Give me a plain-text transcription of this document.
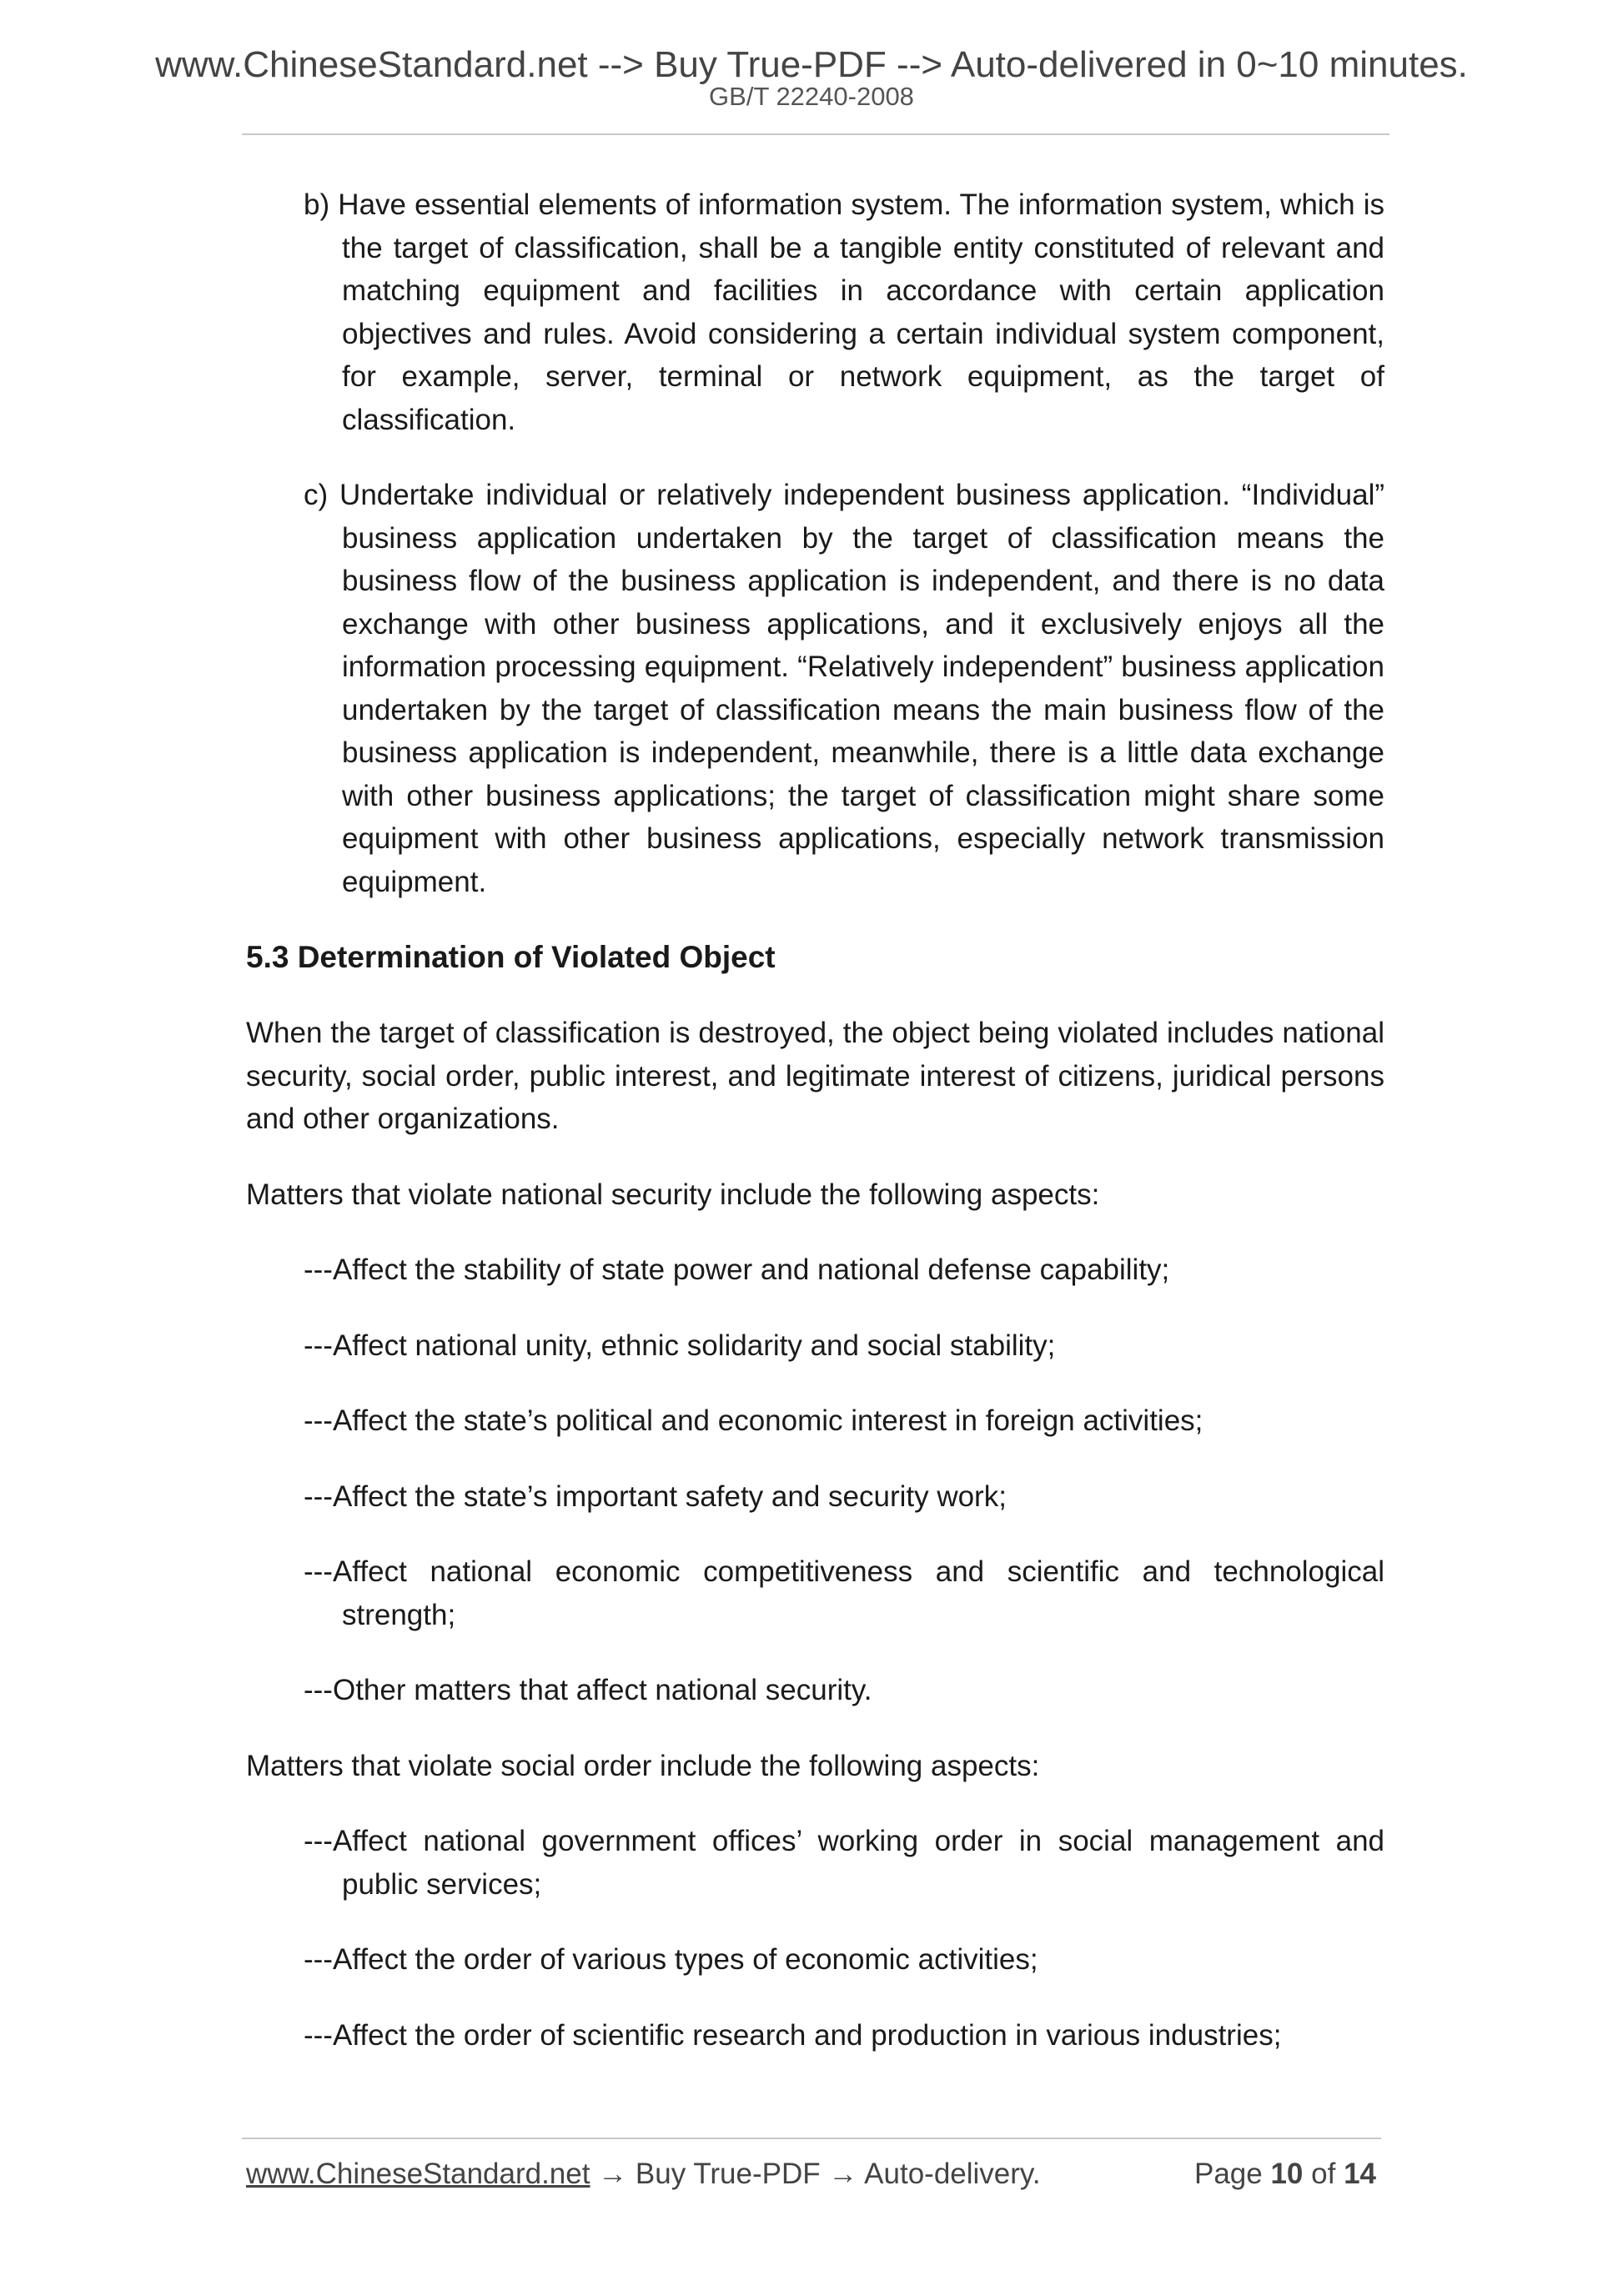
www.ChineseStandard.net --> Buy True-PDF --> Auto-delivered in 0~10 minutes.
GB/T 22240-2008

b) Have essential elements of information system. The information system, which is the target of classification, shall be a tangible entity constituted of relevant and matching equipment and facilities in accordance with certain application objectives and rules. Avoid considering a certain individual system component, for example, server, terminal or network equipment, as the target of classification.

c) Undertake individual or relatively independent business application. “Individual” business application undertaken by the target of classification means the business flow of the business application is independent, and there is no data exchange with other business applications, and it exclusively enjoys all the information processing equipment. “Relatively independent” business application undertaken by the target of classification means the main business flow of the business application is independent, meanwhile, there is a little data exchange with other business applications; the target of classification might share some equipment with other business applications, especially network transmission equipment.

5.3 Determination of Violated Object

When the target of classification is destroyed, the object being violated includes national security, social order, public interest, and legitimate interest of citizens, juridical persons and other organizations.

Matters that violate national security include the following aspects:

---Affect the stability of state power and national defense capability;

---Affect national unity, ethnic solidarity and social stability;

---Affect the state’s political and economic interest in foreign activities;

---Affect the state’s important safety and security work;

---Affect national economic competitiveness and scientific and technological strength;

---Other matters that affect national security.

Matters that violate social order include the following aspects:

---Affect national government offices’ working order in social management and public services;

---Affect the order of various types of economic activities;

---Affect the order of scientific research and production in various industries;

www.ChineseStandard.net → Buy True-PDF → Auto-delivery.	Page 10 of 14
